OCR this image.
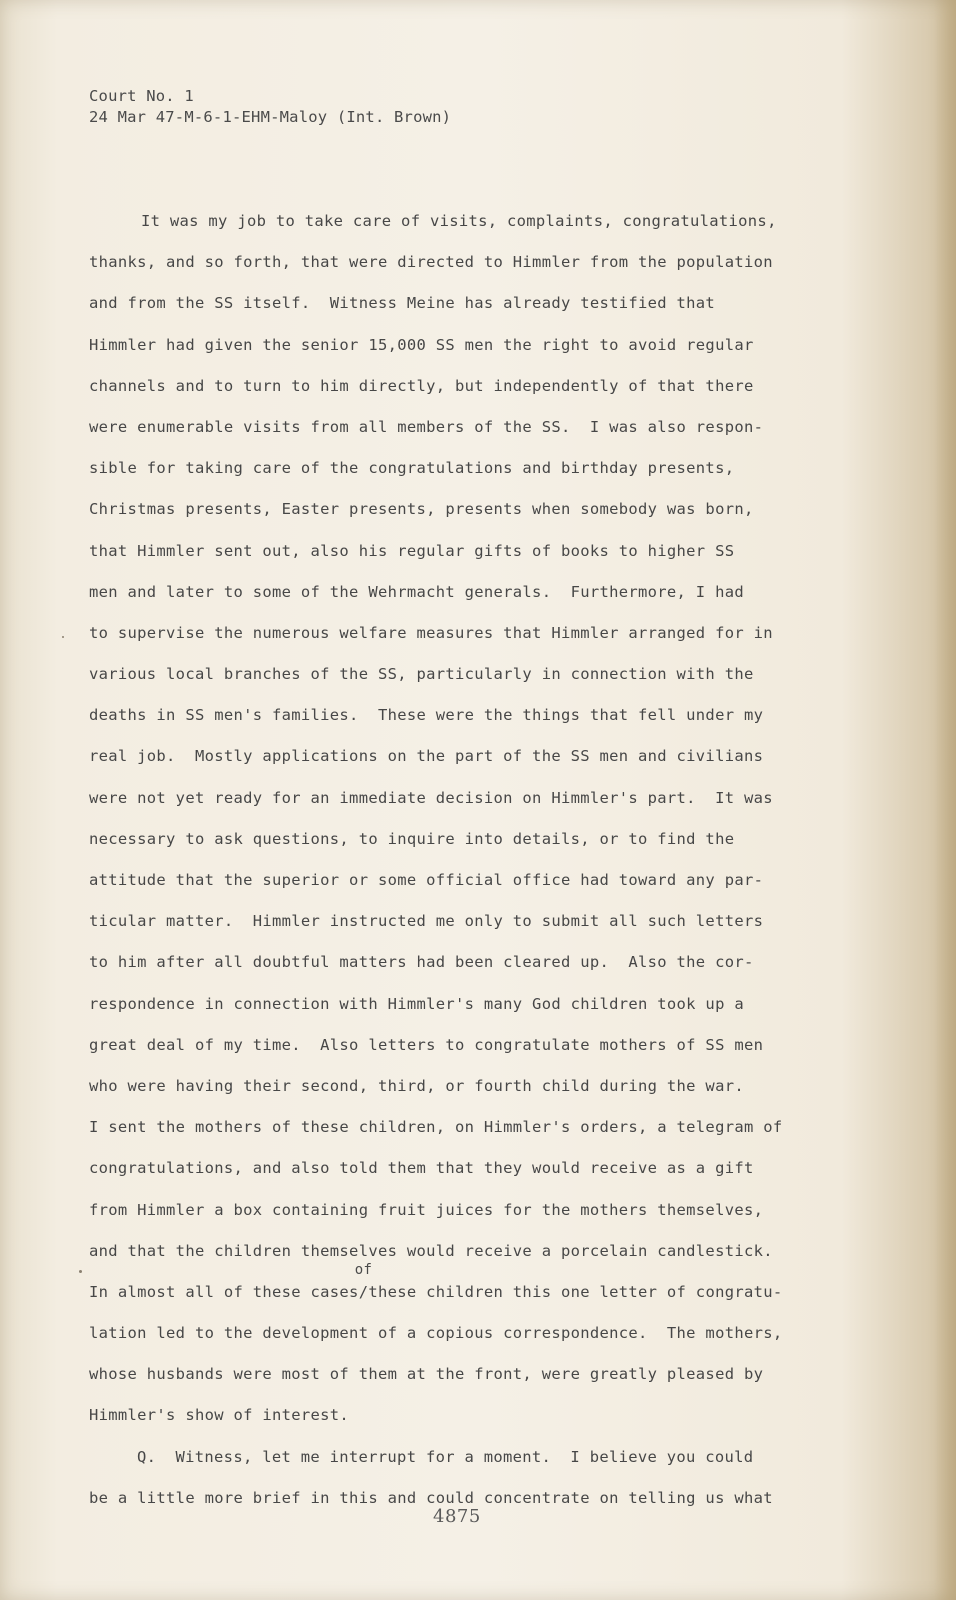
Court No. 1
24 Mar 47-M-6-1-EHM-Maloy (Int. Brown)
It was my job to take care of visits, complaints, congratulations,
thanks, and so forth, that were directed to Himmler from the population
and from the SS itself.  Witness Meine has already testified that
Himmler had given the senior 15,000 SS men the right to avoid regular
channels and to turn to him directly, but independently of that there
were enumerable visits from all members of the SS.  I was also respon-
sible for taking care of the congratulations and birthday presents,
Christmas presents, Easter presents, presents when somebody was born,
that Himmler sent out, also his regular gifts of books to higher SS
men and later to some of the Wehrmacht generals.  Furthermore, I had
to supervise the numerous welfare measures that Himmler arranged for in
various local branches of the SS, particularly in connection with the
deaths in SS men's families.  These were the things that fell under my
real job.  Mostly applications on the part of the SS men and civilians
were not yet ready for an immediate decision on Himmler's part.  It was
necessary to ask questions, to inquire into details, or to find the
attitude that the superior or some official office had toward any par-
ticular matter.  Himmler instructed me only to submit all such letters
to him after all doubtful matters had been cleared up.  Also the cor-
respondence in connection with Himmler's many God children took up a
great deal of my time.  Also letters to congratulate mothers of SS men
who were having their second, third, or fourth child during the war.
I sent the mothers of these children, on Himmler's orders, a telegram of
congratulations, and also told them that they would receive as a gift
from Himmler a box containing fruit juices for the mothers themselves,
and that the children themselves would receive a porcelain candlestick.
In almost all of these
of
cases/these children this one letter of congratu-
lation led to the development of a copious correspondence.  The mothers,
whose husbands were most of them at the front, were greatly pleased by
Himmler's show of interest.
Q.  Witness, let me interrupt for a moment.  I believe you could
be a little more brief in this and could concentrate on telling us what
4875
